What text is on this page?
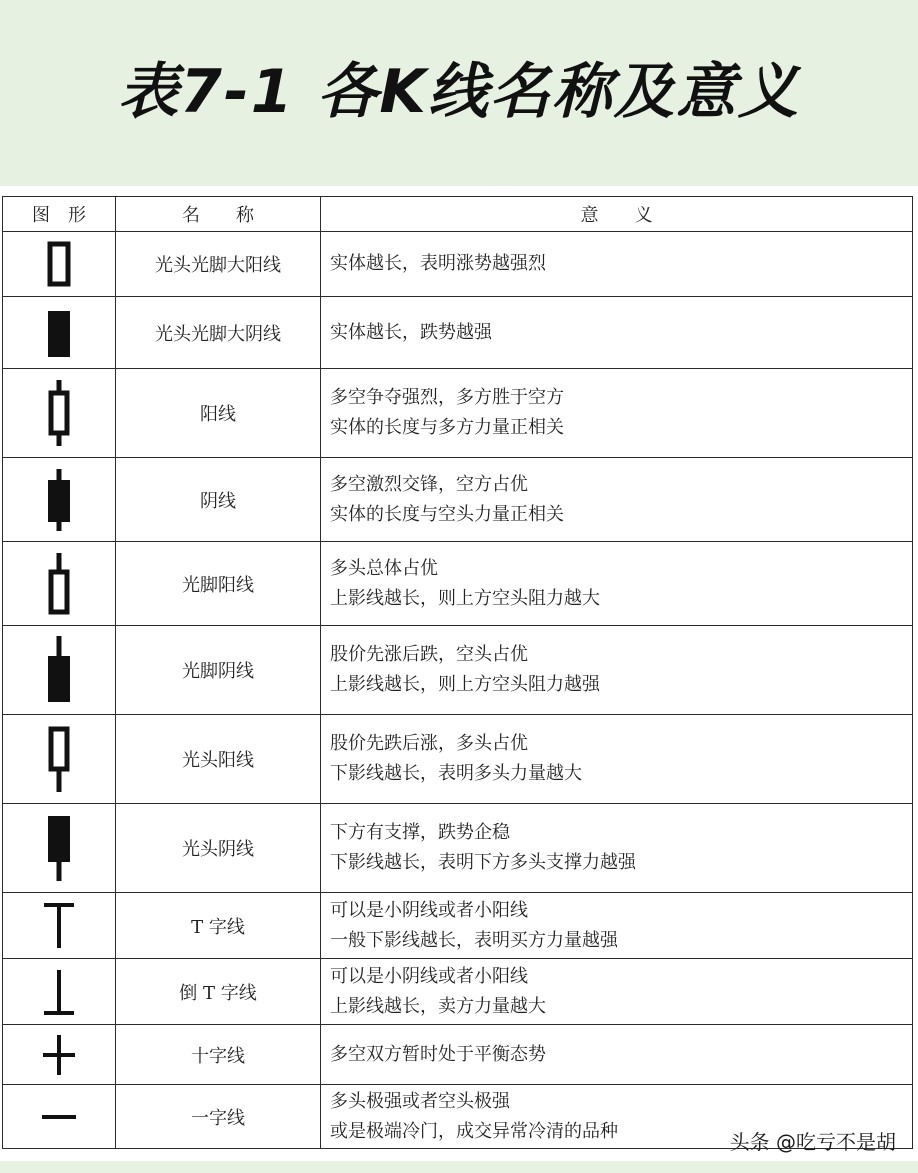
表7-1 各K线名称及意义
图　形	名　　称	意　　义

	光头光脚大阳线	实体越长，表明涨势越强烈

	光头光脚大阴线	实体越长，跌势越强

	阳线	多空争夺强烈，多方胜于空方
实体的长度与多方力量正相关

	阴线	多空激烈交锋，空方占优
实体的长度与空头力量正相关

	光脚阳线	多头总体占优
上影线越长，则上方空头阻力越大

	光脚阴线	股价先涨后跌，空头占优
上影线越长，则上方空头阻力越强

	光头阳线	股价先跌后涨，多头占优
下影线越长，表明多头力量越大

	光头阴线	下方有支撑，跌势企稳
下影线越长，表明下方多头支撑力越强

	T 字线	可以是小阴线或者小阳线
一般下影线越长，表明买方力量越强

	倒 T 字线	可以是小阴线或者小阳线
上影线越长，卖方力量越大

	十字线	多空双方暂时处于平衡态势

	一字线	多头极强或者空头极强
或是极端冷门，成交异常冷清的品种	头条 @吃亏不是胡
